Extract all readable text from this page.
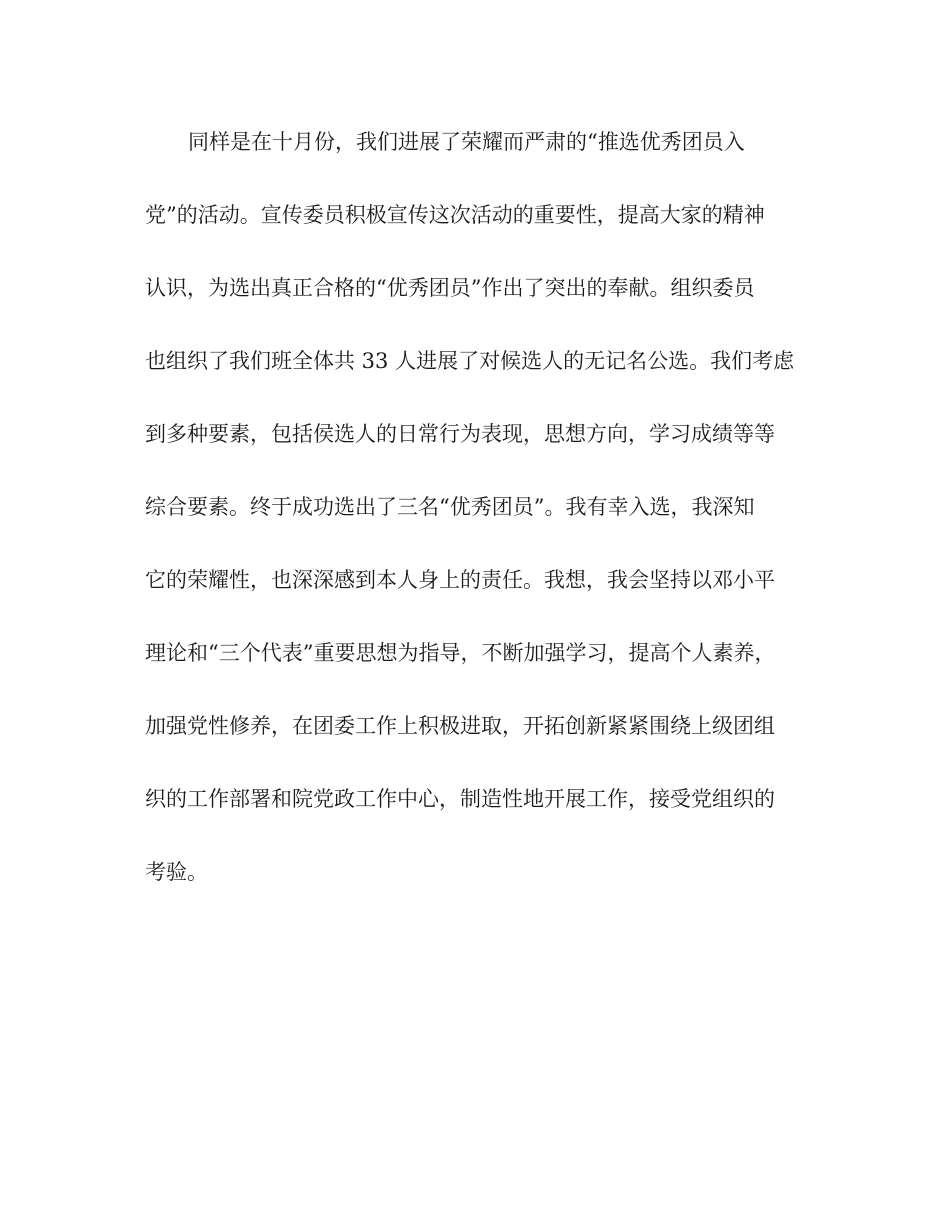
同样是在十月份，我们进展了荣耀而严肃的“推选优秀团员入
党”的活动。宣传委员积极宣传这次活动的重要性，提高大家的精神
认识，为选出真正合格的“优秀团员”作出了突出的奉献。组织委员
也组织了我们班全体共 33 人进展了对候选人的无记名公选。我们考虑
到多种要素，包括侯选人的日常行为表现，思想方向，学习成绩等等
综合要素。终于成功选出了三名“优秀团员”。我有幸入选，我深知
它的荣耀性，也深深感到本人身上的责任。我想，我会坚持以邓小平
理论和“三个代表”重要思想为指导，不断加强学习，提高个人素养，
加强党性修养，在团委工作上积极进取，开拓创新紧紧围绕上级团组
织的工作部署和院党政工作中心，制造性地开展工作，接受党组织的
考验。
